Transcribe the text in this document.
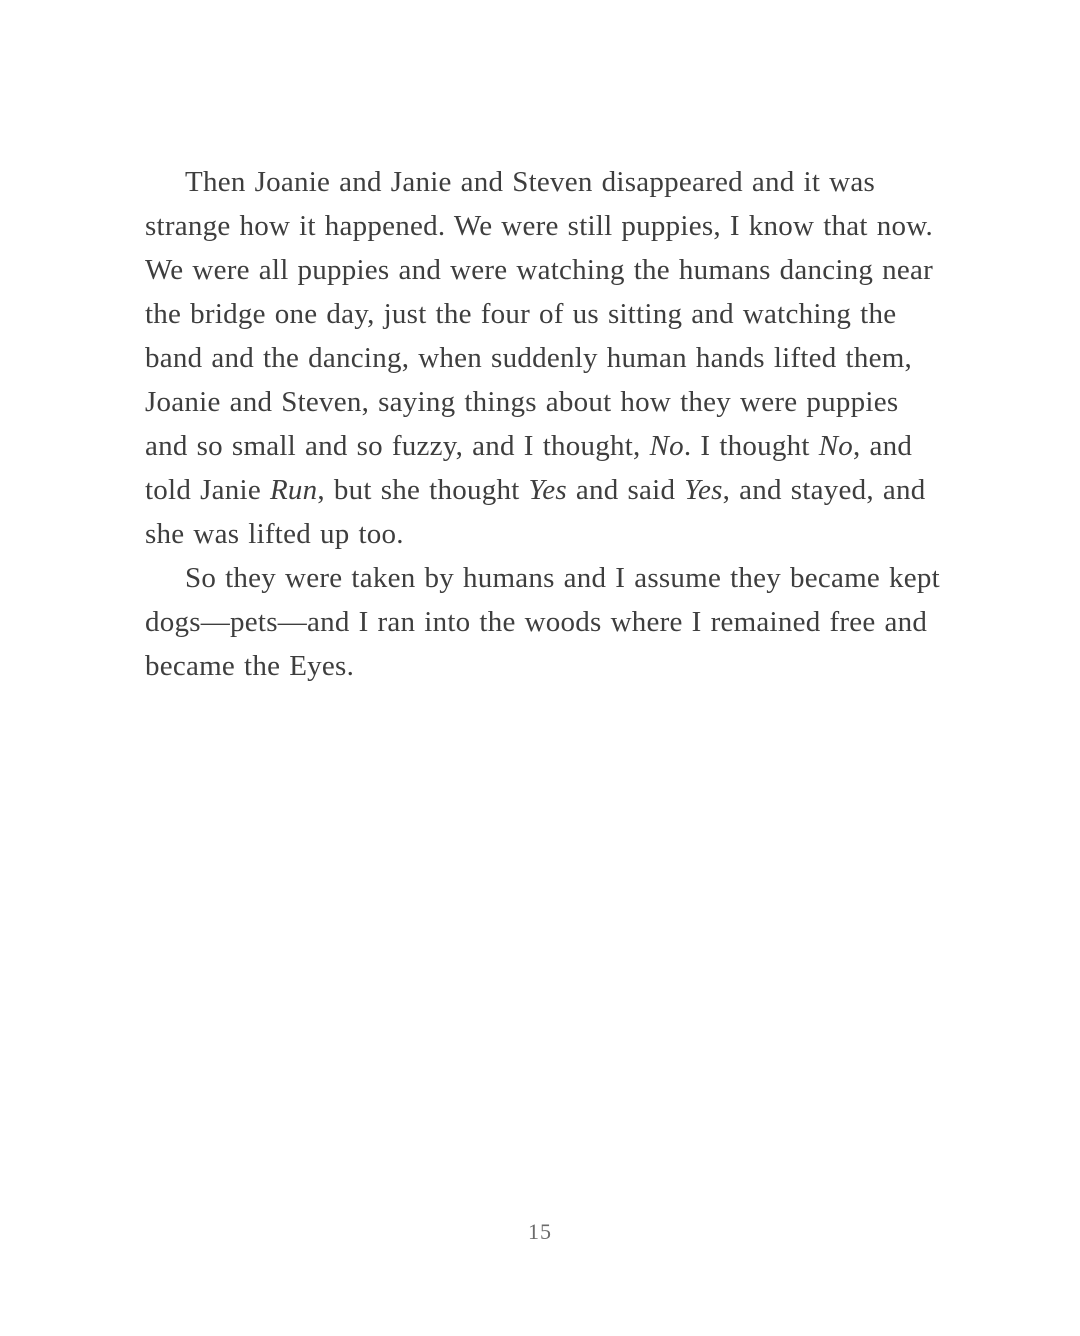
Then Joanie and Janie and Steven disappeared and it was
strange how it happened. We were still puppies, I know that now.
We were all puppies and were watching the humans dancing near
the bridge one day, just the four of us sitting and watching the
band and the dancing, when suddenly human hands lifted them,
Joanie and Steven, saying things about how they were puppies
and so small and so fuzzy, and I thought, No. I thought No, and
told Janie Run, but she thought Yes and said Yes, and stayed, and
she was lifted up too.
So they were taken by humans and I assume they became kept
dogs—pets—and I ran into the woods where I remained free and
became the Eyes.
15
